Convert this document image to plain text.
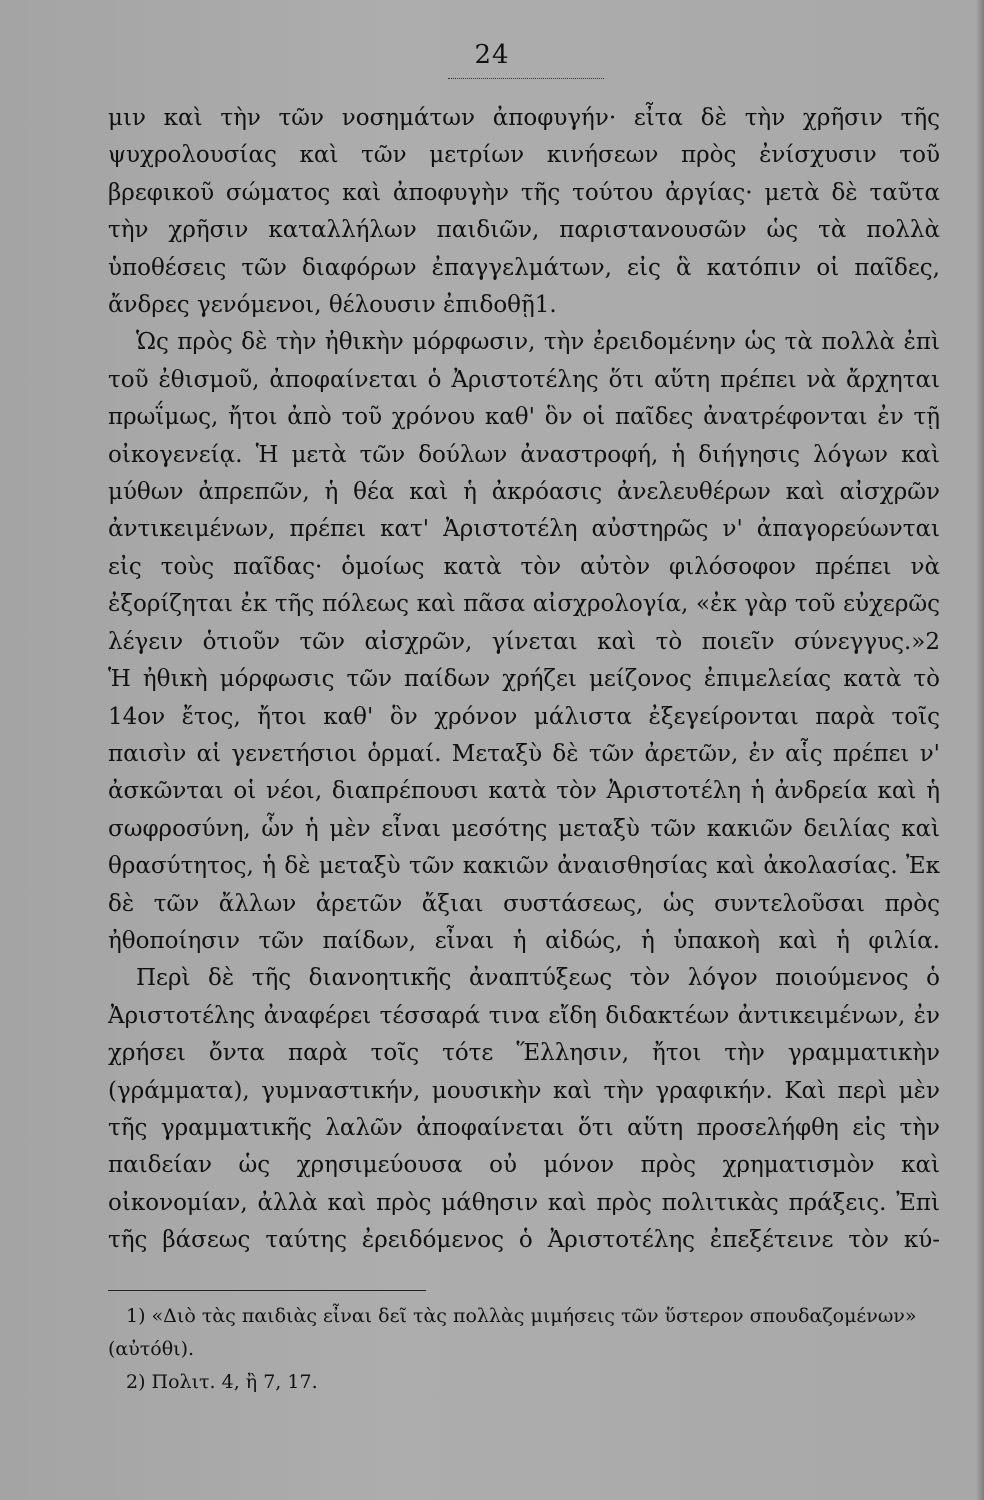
24

μιν καὶ τὴν τῶν νοσημάτων ἀποφυγήν· εἶτα δὲ τὴν χρῆσιν τῆς ψυχρολουσίας καὶ τῶν μετρίων κινήσεων πρὸς ἐνίσχυσιν τοῦ βρεφικοῦ σώματος καὶ ἀποφυγὴν τῆς τούτου ἀργίας· μετὰ δὲ ταῦτα τὴν χρῆσιν καταλλήλων παιδιῶν, παριστανουσῶν ὡς τὰ πολλὰ ὑποθέσεις τῶν διαφόρων ἐπαγγελμάτων, εἰς ἃ κατόπιν οἱ παῖδες, ἄνδρες γενόμενοι, θέλουσιν ἐπιδοθῇ1.

Ὡς πρὸς δὲ τὴν ἠθικὴν μόρφωσιν, τὴν ἐρειδομένην ὡς τὰ πολλὰ ἐπὶ τοῦ ἐθισμοῦ, ἀποφαίνεται ὁ Ἀριστοτέλης ὅτι αὕτη πρέπει νὰ ἄρχηται πρωΐμως, ἤτοι ἀπὸ τοῦ χρόνου καθ' ὃν οἱ παῖδες ἀνατρέφονται ἐν τῇ οἰκογενείᾳ. Ἡ μετὰ τῶν δούλων ἀναστροφή, ἡ διήγησις λόγων καὶ μύθων ἀπρεπῶν, ἡ θέα καὶ ἡ ἀκρόασις ἀνελευθέρων καὶ αἰσχρῶν ἀντικειμένων, πρέπει κατ' Ἀριστοτέλη αὐστηρῶς ν' ἀπαγορεύωνται εἰς τοὺς παῖδας· ὁμοίως κατὰ τὸν αὐτὸν φιλόσοφον πρέπει νὰ ἐξορίζηται ἐκ τῆς πόλεως καὶ πᾶσα αἰσχρολογία, «ἐκ γὰρ τοῦ εὐχερῶς λέγειν ὁτιοῦν τῶν αἰσχρῶν, γίνεται καὶ τὸ ποιεῖν σύνεγγυς.»2

Ἡ ἠθικὴ μόρφωσις τῶν παίδων χρήζει μείζονος ἐπιμελείας κατὰ τὸ 14ον ἔτος, ἤτοι καθ' ὃν χρόνον μάλιστα ἐξεγείρονται παρὰ τοῖς παισὶν αἱ γενετήσιοι ὁρμαί. Μεταξὺ δὲ τῶν ἀρετῶν, ἐν αἷς πρέπει ν' ἀσκῶνται οἱ νέοι, διαπρέπουσι κατὰ τὸν Ἀριστοτέλη ἡ ἀνδρεία καὶ ἡ σωφροσύνη, ὧν ἡ μὲν εἶναι μεσότης μεταξὺ τῶν κακιῶν δειλίας καὶ θρασύτητος, ἡ δὲ μεταξὺ τῶν κακιῶν ἀναισθησίας καὶ ἀκολασίας. Ἐκ δὲ τῶν ἄλλων ἀρετῶν ἄξιαι συστάσεως, ὡς συντελοῦσαι πρὸς ἠθοποίησιν τῶν παίδων, εἶναι ἡ αἰδώς, ἡ ὑπακοὴ καὶ ἡ φιλία.

Περὶ δὲ τῆς διανοητικῆς ἀναπτύξεως τὸν λόγον ποιούμενος ὁ Ἀριστοτέλης ἀναφέρει τέσσαρά τινα εἴδη διδακτέων ἀντικειμένων, ἐν χρήσει ὄντα παρὰ τοῖς τότε Ἕλλησιν, ἤτοι τὴν γραμματικὴν (γράμματα), γυμναστικήν, μουσικὴν καὶ τὴν γραφικήν. Καὶ περὶ μὲν τῆς γραμματικῆς λαλῶν ἀποφαίνεται ὅτι αὕτη προσελήφθη εἰς τὴν παιδείαν ὡς χρησιμεύουσα οὐ μόνον πρὸς χρηματισμὸν καὶ οἰκονομίαν, ἀλλὰ καὶ πρὸς μάθησιν καὶ πρὸς πολιτικὰς πράξεις. Ἐπὶ τῆς βάσεως ταύτης ἐρειδόμενος ὁ Ἀριστοτέλης ἐπεξέτεινε τὸν κύ-

1) «Διὸ τὰς παιδιὰς εἶναι δεῖ τὰς πολλὰς μιμήσεις τῶν ὕστερον σπουδαζομένων» (αὐτόθι).

2) Πολιτ. 4, ἢ 7, 17.
